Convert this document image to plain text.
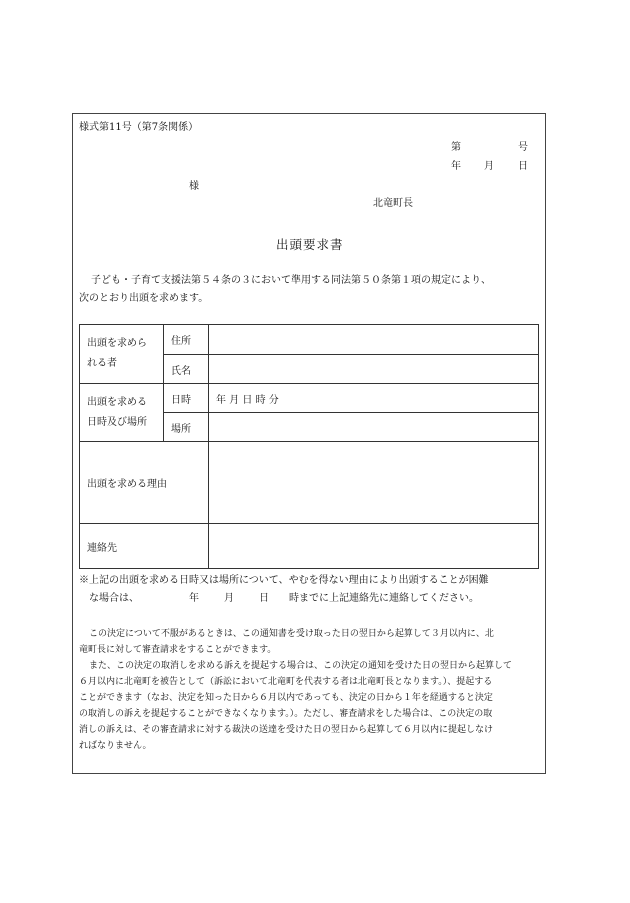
様式第11号（第7条関係）
第	号
年 月 日
様
北竜町長
出頭要求書
子ども・子育て支援法第５４条の３において準用する同法第５０条第１項の規定により、
次のとおり出頭を求めます。
出頭を求めら
れる者	住所	
	氏名	

出頭を求める
日時及び場所	日時	年 月 日 時 分

	場所	
出頭を求める理由		
連絡先		
※上記の出頭を求める日時又は場所について、やむを得ない理由により出頭することが困難
な場合は、	年	月	日 時までに上記連絡先に連絡してください。

この決定について不服があるときは、この通知書を受け取った日の翌日から起算して３月以内に、北

竜町長に対して審査請求をすることができます。

また、この決定の取消しを求める訴えを提起する場合は、この決定の通知を受けた日の翌日から起算して

６月以内に北竜町を被告として（訴訟において北竜町を代表する者は北竜町長となります。）、提起する

ことができます（なお、決定を知った日から６月以内であっても、決定の日から１年を経過すると決定

の取消しの訴えを提起することができなくなります。）。ただし、審査請求をした場合は、この決定の取

消しの訴えは、その審査請求に対する裁決の送達を受けた日の翌日から起算して６月以内に提起しなけ

ればなりません。
